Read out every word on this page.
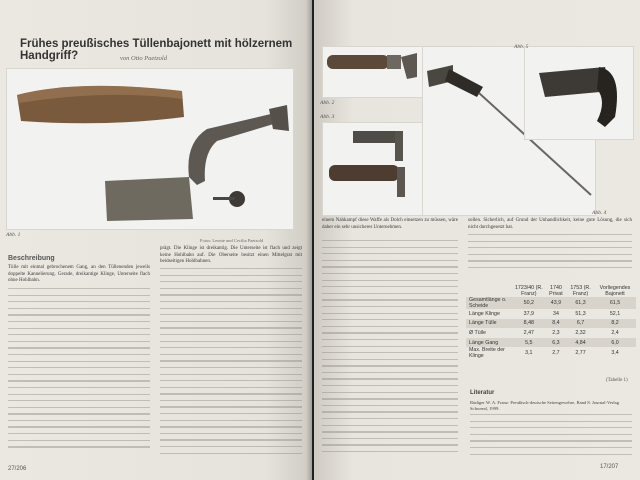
Frühes preußisches Tüllenbajonett mit hölzernem Handgriff?	von Otto Paetzold
Abb. 1
Fotos: Leonie und Cecilia Paetzold
Beschreibung

Tülle mit einmal gebrochenem Gang, an den Tüllenenden jeweils doppelte Kannelierung. Gerade, dreikantige Klinge, Unterseite flach ohne Hohlbahn.

prägt. Die Klinge ist dreikantig. Die Unterseite ist flach und zeigt keine Hohlbahn auf. Die Oberseite besitzt einen Mittelgrat mit beidseitigen Hohlbahnen.

27/206
Abb. 2
Abb. 3
Abb. 4
Abb. 5

einem Nahkampf diese Waffe als Dolch einsetzen zu müssen, wäre daher ein sehr unsicheres Unternehmen.

sollen. Sicherlich, auf Grund der Unhandlichkeit, keine gute Lösung, die sich nicht durchgesetzt hat.

	1723/40 (R. Franz)	1740 Privat	1753 (R. Franz)	Vorliegendes Bajonett
Gesamtlänge o. Scheide	50,2	43,9	61,3	61,5
Länge Klinge	37,9	34	51,3	52,1
Länge Tülle	8,48	8,4	6,7	8,2
Ø Tülle	2,47	2,3	2,32	2,4
Länge Gang	5,5	6,3	4,84	6,0
Max. Breite der Klinge	3,1	2,7	2,77	3,4
(Tabelle 1)
Literatur
Rüdiger W. A. Franz: Preußisch-deutsche Seitengewehre, Band 8. Journal-Verlag Schwend, 1999.
17/207
